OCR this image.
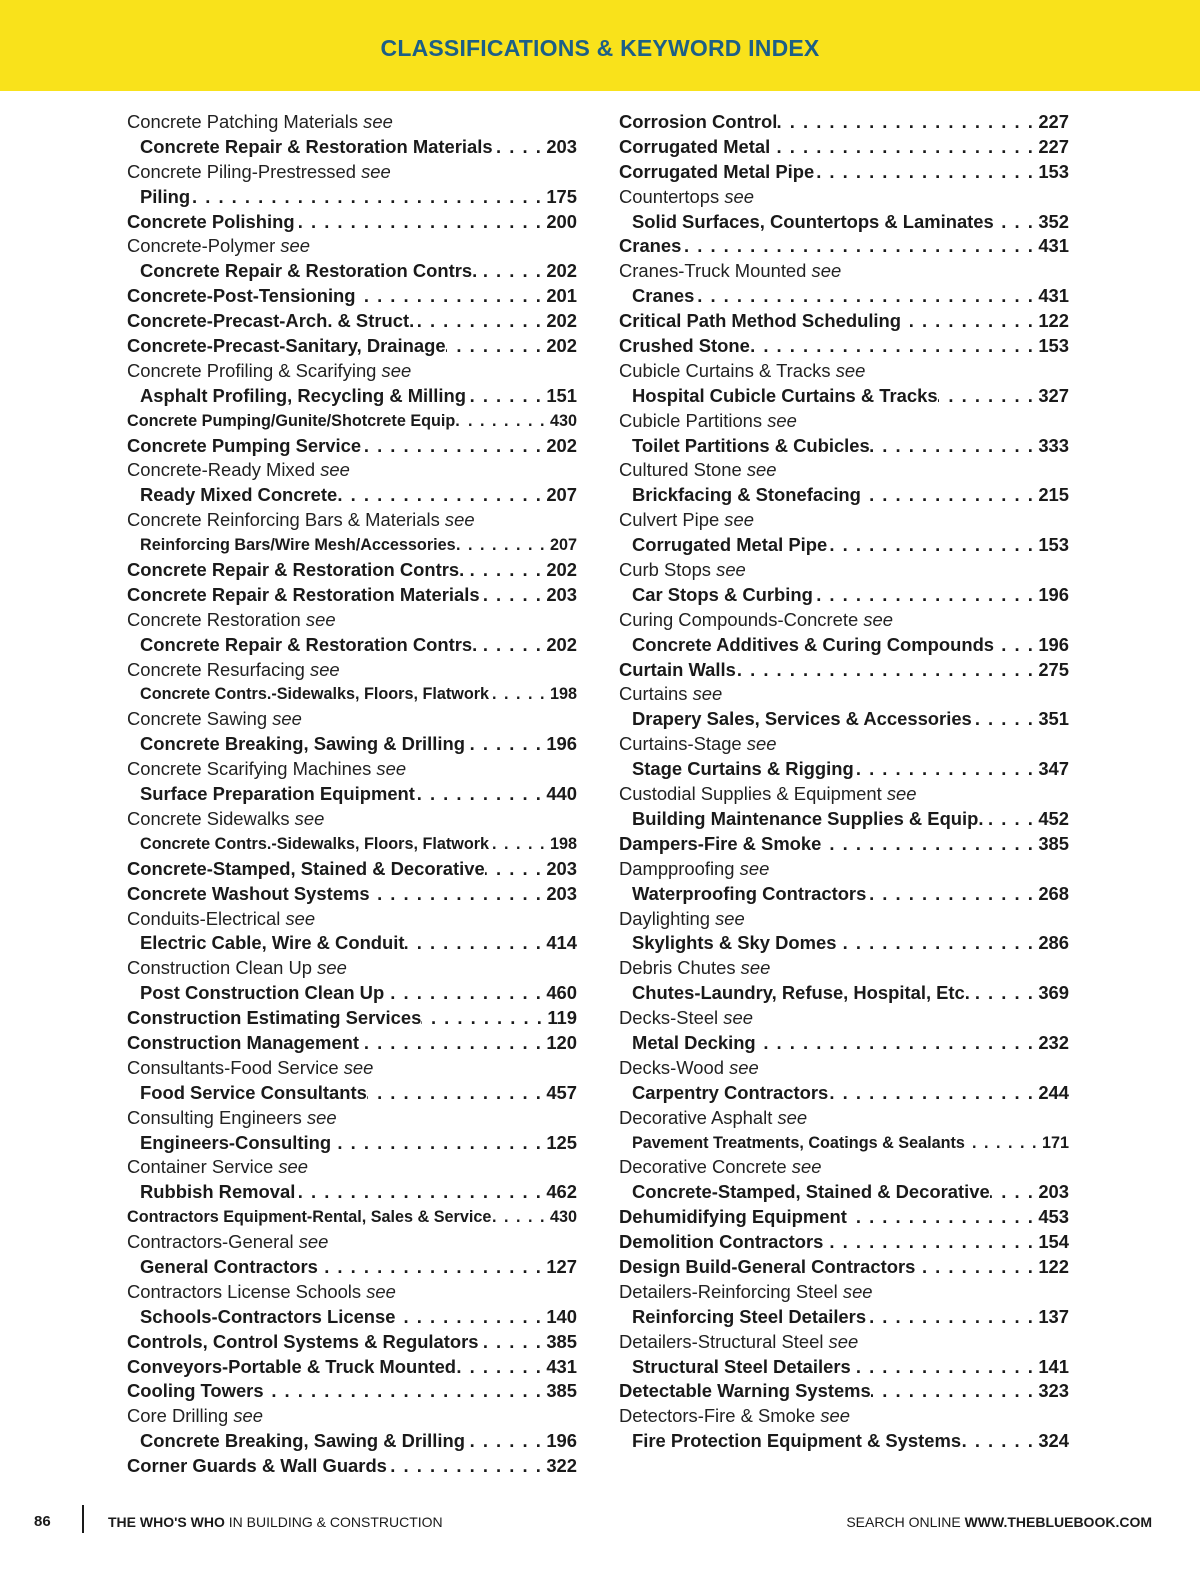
CLASSIFICATIONS & KEYWORD INDEX
Concrete Patching Materials see
Concrete Repair & Restoration Materials . . .	203
Concrete Piling-Prestressed see
Piling . . .	175
Concrete Polishing . . .	200
Concrete-Polymer see
Concrete Repair & Restoration Contrs. . . .	202
Concrete-Post-Tensioning . . .	201
Concrete-Precast-Arch. & Struct. . . .	202
Concrete-Precast-Sanitary, Drainage . . .	202
Concrete Profiling & Scarifying see
Asphalt Profiling, Recycling & Milling . . .	151
Concrete Pumping/Gunite/Shotcrete Equip. . . .	430
Concrete Pumping Service . . .	202
Concrete-Ready Mixed see
Ready Mixed Concrete . . .	207
Concrete Reinforcing Bars & Materials see
Reinforcing Bars/Wire Mesh/Accessories . . .	207
Concrete Repair & Restoration Contrs. . . .	202
Concrete Repair & Restoration Materials . . .	203
Concrete Restoration see
Concrete Repair & Restoration Contrs. . . .	202
Concrete Resurfacing see
Concrete Contrs.-Sidewalks, Floors, Flatwork . . .	198
Concrete Sawing see
Concrete Breaking, Sawing & Drilling . . .	196
Concrete Scarifying Machines see
Surface Preparation Equipment . . .	440
Concrete Sidewalks see
Concrete Contrs.-Sidewalks, Floors, Flatwork . . .	198
Concrete-Stamped, Stained & Decorative . . .	203
Concrete Washout Systems . . .	203
Conduits-Electrical see
Electric Cable, Wire & Conduit . . .	414
Construction Clean Up see
Post Construction Clean Up . . .	460
Construction Estimating Services . . .	119
Construction Management . . .	120
Consultants-Food Service see
Food Service Consultants . . .	457
Consulting Engineers see
Engineers-Consulting . . .	125
Container Service see
Rubbish Removal . . .	462
Contractors Equipment-Rental, Sales & Service . . .	430
Contractors-General see
General Contractors . . .	127
Contractors License Schools see
Schools-Contractors License . . .	140
Controls, Control Systems & Regulators . . .	385
Conveyors-Portable & Truck Mounted . . .	431
Cooling Towers . . .	385
Core Drilling see
Concrete Breaking, Sawing & Drilling . . .	196
Corner Guards & Wall Guards . . .	322
Corrosion Control . . .	227
Corrugated Metal . . .	227
Corrugated Metal Pipe . . .	153
Countertops see
Solid Surfaces, Countertops & Laminates . . . 352
Cranes . . .	431
Cranes-Truck Mounted see
Cranes . . .	431
Critical Path Method Scheduling . . .	122
Crushed Stone . . .	153
Cubicle Curtains & Tracks see
Hospital Cubicle Curtains & Tracks . . .	327
Cubicle Partitions see
Toilet Partitions & Cubicles . . .	333
Cultured Stone see
Brickfacing & Stonefacing . . .	215
Culvert Pipe see
Corrugated Metal Pipe . . .	153
Curb Stops see
Car Stops & Curbing . . .	196
Curing Compounds-Concrete see
Concrete Additives & Curing Compounds . . . 196
Curtain Walls . . .	275
Curtains see
Drapery Sales, Services & Accessories . . .	351
Curtains-Stage see
Stage Curtains & Rigging . . .	347
Custodial Supplies & Equipment see
Building Maintenance Supplies & Equip. . . .	452
Dampers-Fire & Smoke . . .	385
Dampproofing see
Waterproofing Contractors . . .	268
Daylighting see
Skylights & Sky Domes . . .	286
Debris Chutes see
Chutes-Laundry, Refuse, Hospital, Etc. . . .	369
Decks-Steel see
Metal Decking . . .	232
Decks-Wood see
Carpentry Contractors . . .	244
Decorative Asphalt see
Pavement Treatments, Coatings & Sealants . . .	171
Decorative Concrete see
Concrete-Stamped, Stained & Decorative . . .	203
Dehumidifying Equipment . . .	453
Demolition Contractors . . .	154
Design Build-General Contractors . . .	122
Detailers-Reinforcing Steel see
Reinforcing Steel Detailers . . .	137
Detailers-Structural Steel see
Structural Steel Detailers . . .	141
Detectable Warning Systems . . .	323
Detectors-Fire & Smoke see
Fire Protection Equipment & Systems . . .	324
86	THE WHO'S WHO IN BUILDING & CONSTRUCTION	SEARCH ONLINE WWW.THEBLUEBOOK.COM
